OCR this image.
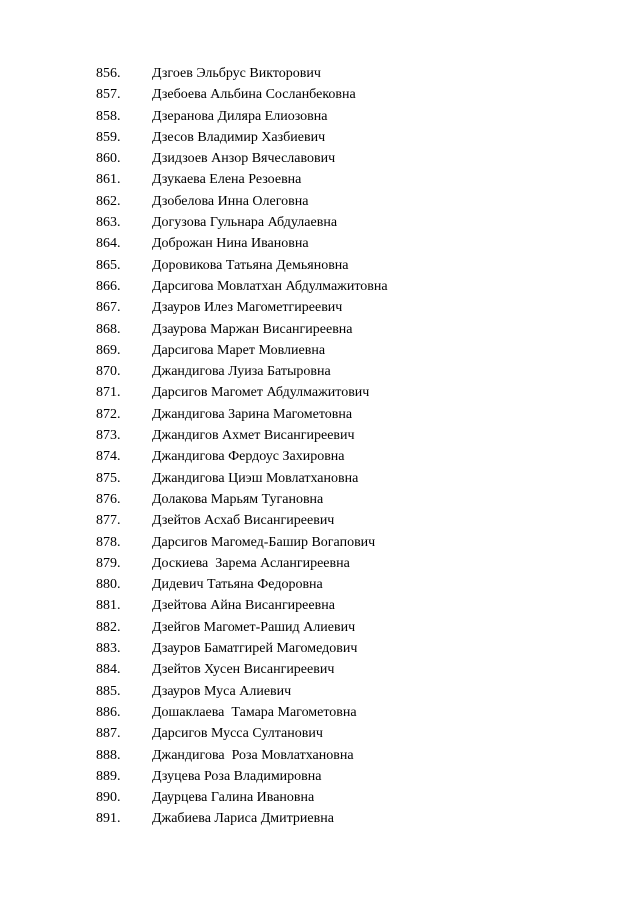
856.	Дзгоев Эльбрус Викторович
857.	Дзебоева Альбина Сосланбековна
858.	Дзеранова Диляра Елиозовна
859.	Дзесов Владимир Хазбиевич
860.	Дзидзоев Анзор Вячеславович
861.	Дзукаева Елена Резоевна
862.	Дзобелова Инна Олеговна
863.	Догузова Гульнара Абдулаевна
864.	Доброжан Нина Ивановна
865.	Доровикова Татьяна Демьяновна
866.	Дарсигова Мовлатхан Абдулмажитовна
867.	Дзауров Илез Магометгиреевич
868.	Дзаурова Маржан Висангиреевна
869.	Дарсигова Марет Мовлиевна
870.	Джандигова Луиза Батыровна
871.	Дарсигов Магомет Абдулмажитович
872.	Джандигова Зарина Магометовна
873.	Джандигов Ахмет Висангиреевич
874.	Джандигова Фердоус Захировна
875.	Джандигова Циэш Мовлатхановна
876.	Долакова Марьям Тугановна
877.	Дзейтов Асхаб Висангиреевич
878.	Дарсигов Магомед-Башир Вогапович
879.	Доскиева  Зарема Аслангиреевна
880.	Дидевич Татьяна Федоровна
881.	Дзейтова Айна Висангиреевна
882.	Дзейгов Магомет-Рашид Алиевич
883.	Дзауров Баматгирей Магомедович
884.	Дзейтов Хусен Висангиреевич
885.	Дзауров Муса Алиевич
886.	Дошаклаева  Тамара Магометовна
887.	Дарсигов Мусса Султанович
888.	Джандигова  Роза Мовлатхановна
889.	Дзуцева Роза Владимировна
890.	Даурцева Галина Ивановна
891.	Джабиева Лариса Дмитриевна
